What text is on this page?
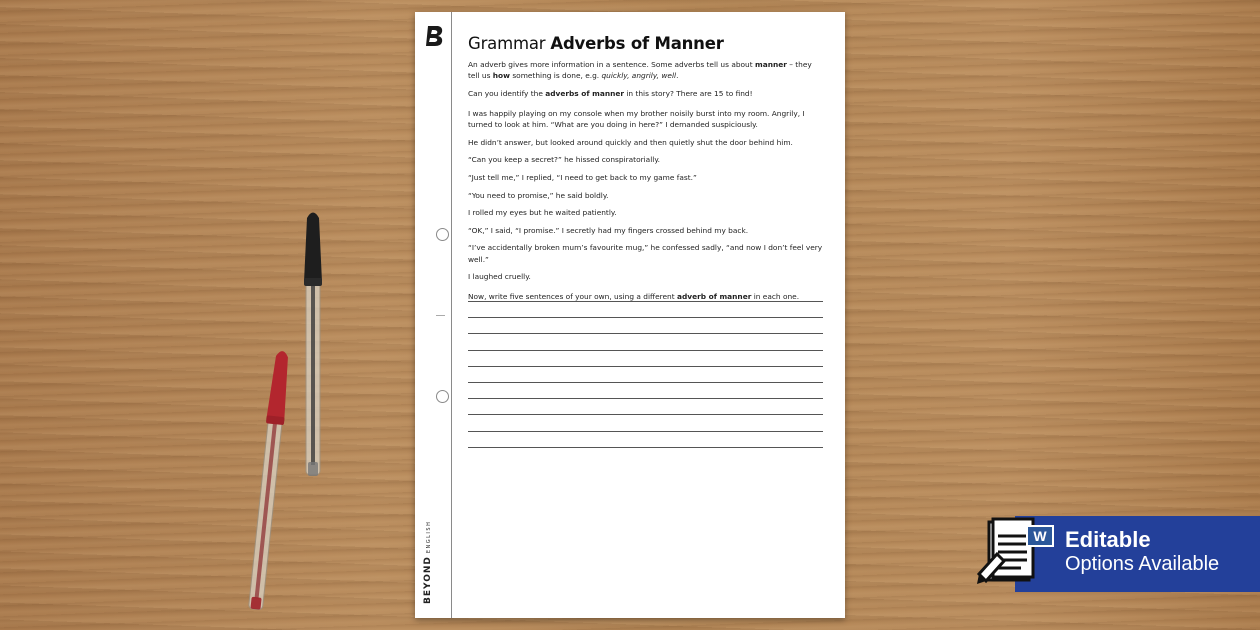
BEYONDENGLISH
Grammar Adverbs of Manner

An adverb gives more information in a sentence. Some adverbs tell us about manner – they tell us how something is done, e.g. quickly, angrily, well.

Can you identify the adverbs of manner in this story? There are 15 to find!

I was happily playing on my console when my brother noisily burst into my room. Angrily, I turned to look at him. “What are you doing in here?” I demanded suspiciously.

He didn’t answer, but looked around quickly and then quietly shut the door behind him.

“Can you keep a secret?” he hissed conspiratorially.

“Just tell me,” I replied, “I need to get back to my game fast.”

“You need to promise,” he said boldly.

I rolled my eyes but he waited patiently.

“OK,” I said, “I promise.” I secretly had my fingers crossed behind my back.

“I’ve accidentally broken mum’s favourite mug,” he confessed sadly, “and now I don’t feel very well.”

I laughed cruelly.

Now, write five sentences of your own, using a different adverb of manner in each one.

Editable
Options Available
W
